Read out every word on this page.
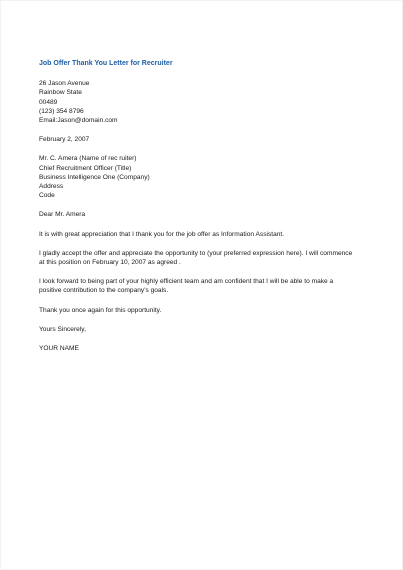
Job Offer Thank You Letter for Recruiter
26 Jason Avenue
Rainbow State
00489
(123) 354 8796
Email:Jason@domain.com
February 2, 2007
Mr. C. Amera (Name of rec ruiter)
Chief Recruitment Officer (Title)
Business Intelligence One (Company)
Address
Code
Dear Mr. Amera
It is with great appreciation that I thank you for the job offer as Information Assistant.
I gladly accept the offer and appreciate the opportunity to (your preferred expression here). I will commence
at this position on February 10, 2007 as agreed .
I look forward to being part of your highly efficient team and am confident that I will be able to make a
positive contribution to the company's goals.
Thank you once again for this opportunity.
Yours Sincerely,
YOUR NAME
